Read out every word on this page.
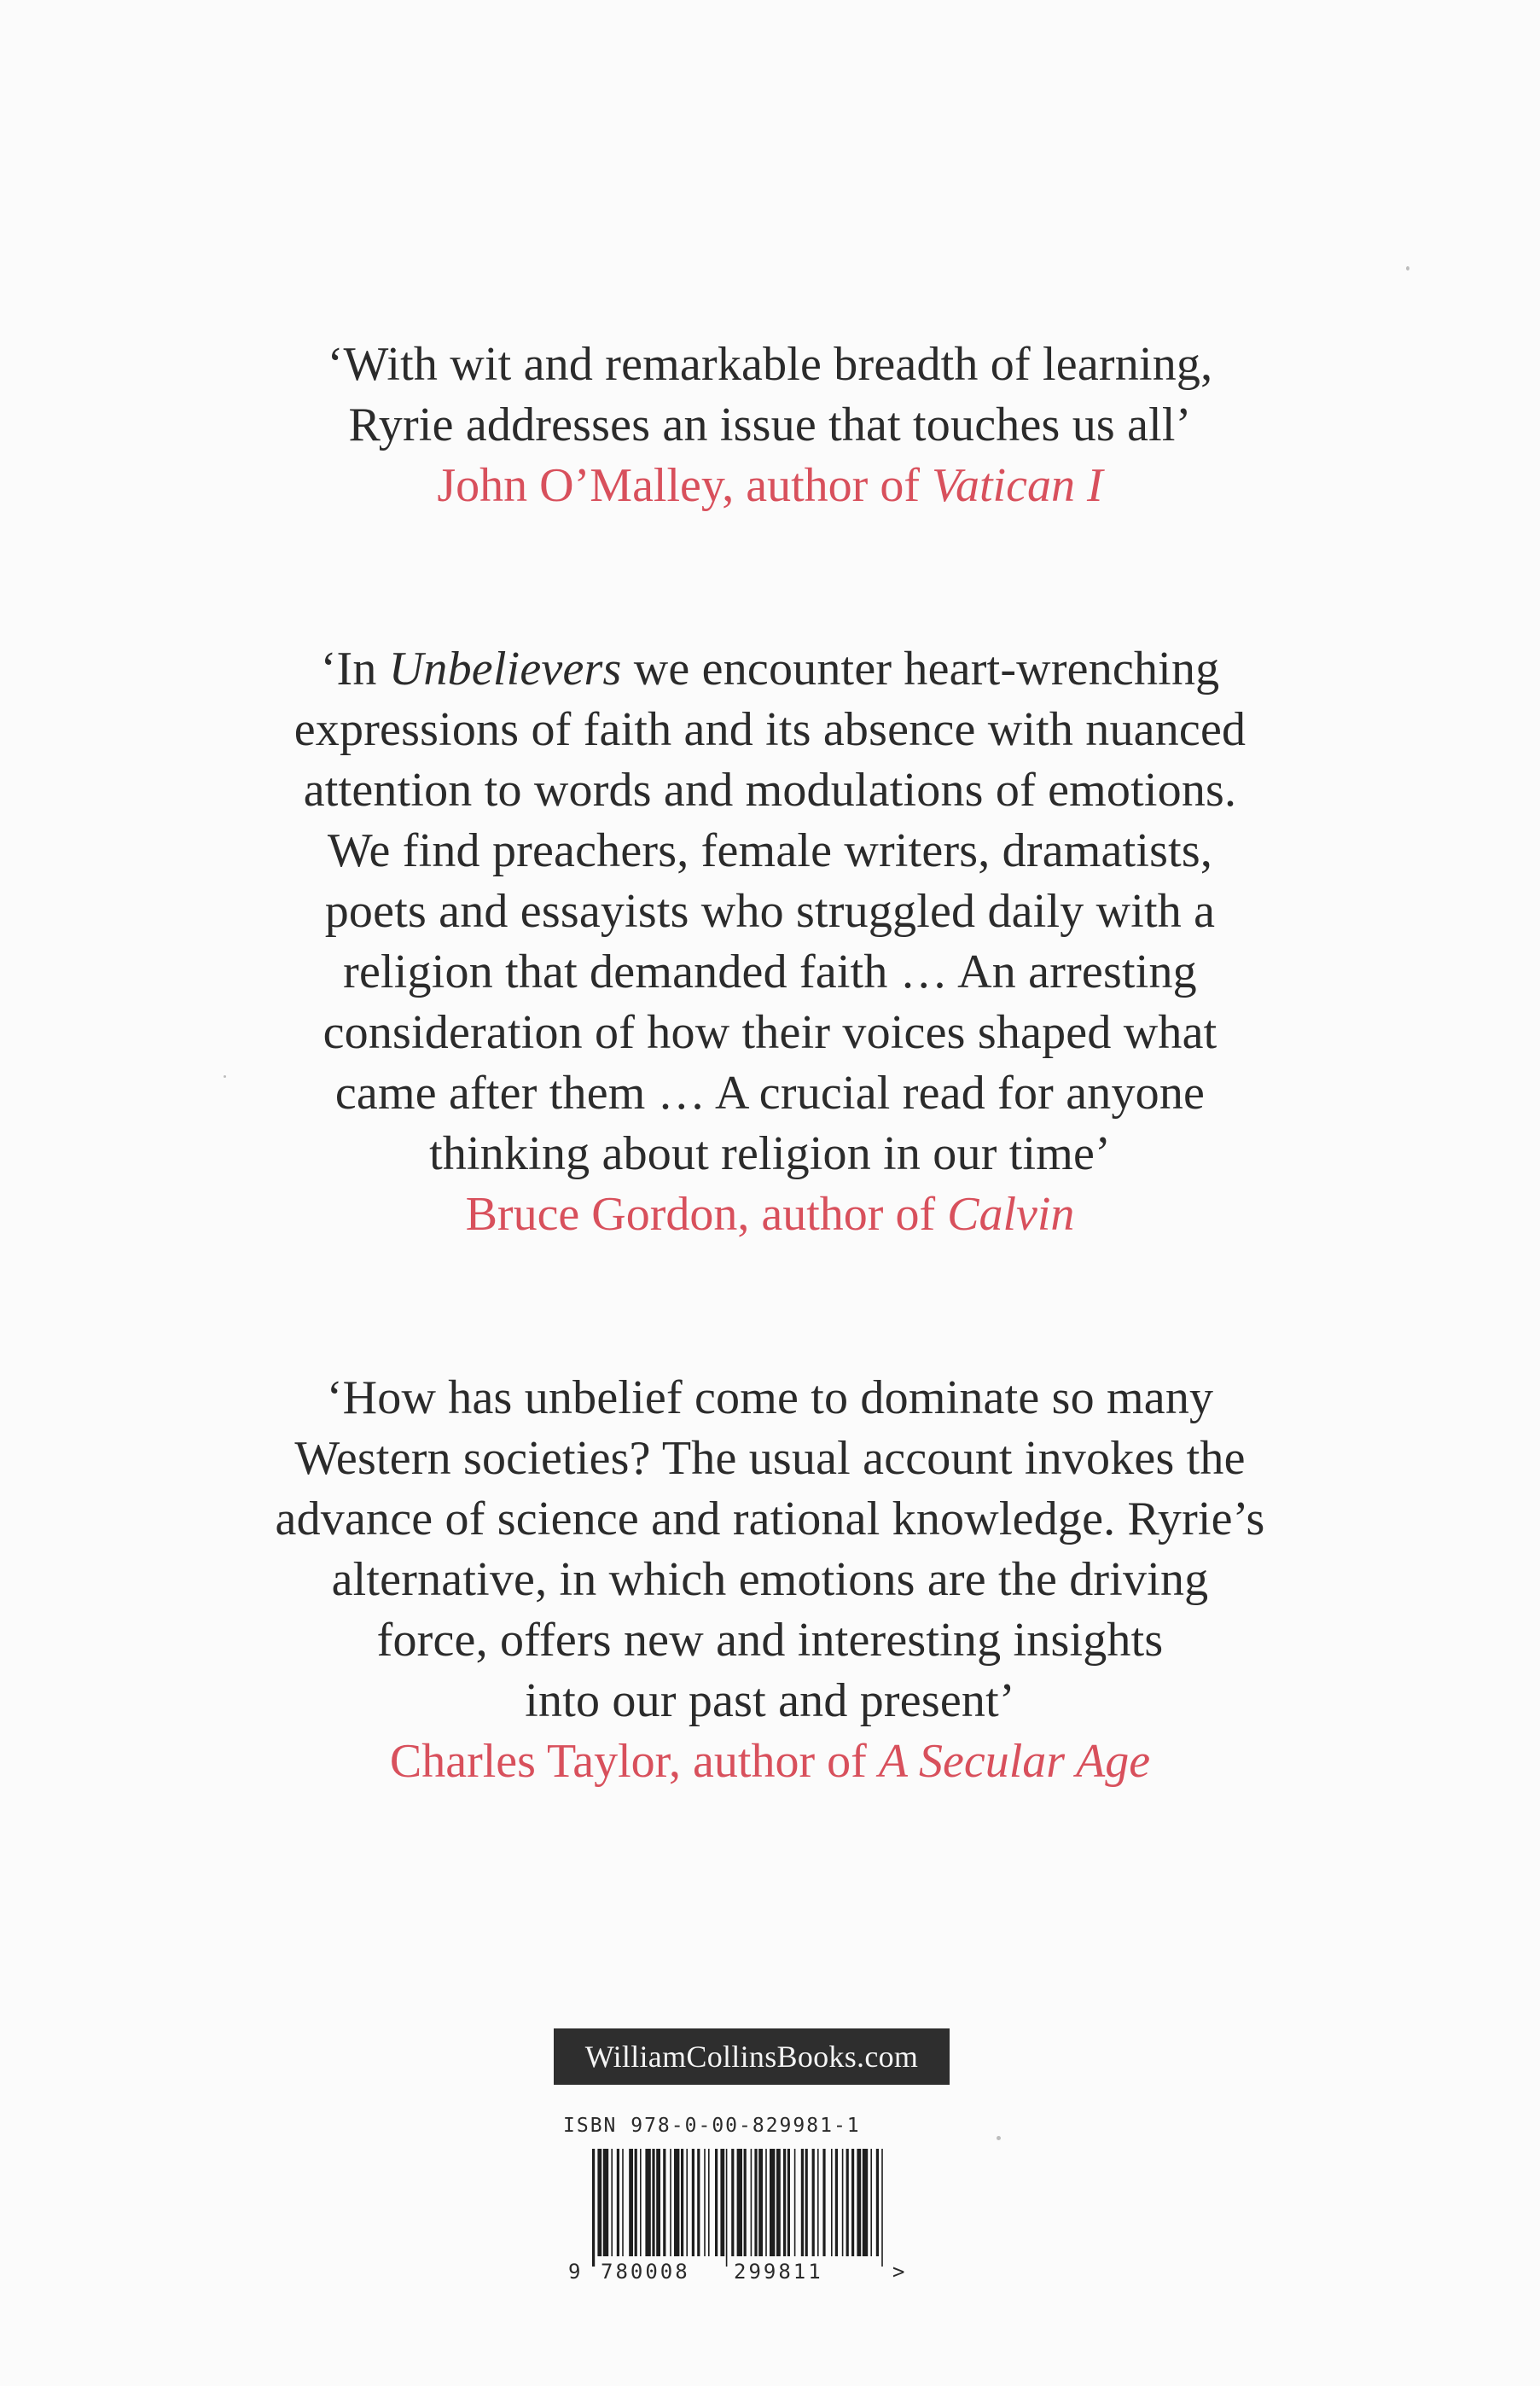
‘With wit and remarkable breadth of learning,
Ryrie addresses an issue that touches us all’
John O’Malley, author of Vatican I
‘In Unbelievers we encounter heart-wrenching
expressions of faith and its absence with nuanced
attention to words and modulations of emotions.
We find preachers, female writers, dramatists,
poets and essayists who struggled daily with a
religion that demanded faith … An arresting
consideration of how their voices shaped what
came after them … A crucial read for anyone
thinking about religion in our time’
Bruce Gordon, author of Calvin
‘How has unbelief come to dominate so many
Western societies? The usual account invokes the
advance of science and rational knowledge. Ryrie’s
alternative, in which emotions are the driving
force, offers new and interesting insights
into our past and present’
Charles Taylor, author of A Secular Age
WilliamCollinsBooks.com
ISBN 978-0-00-829981-1
9 780008 299811	>
